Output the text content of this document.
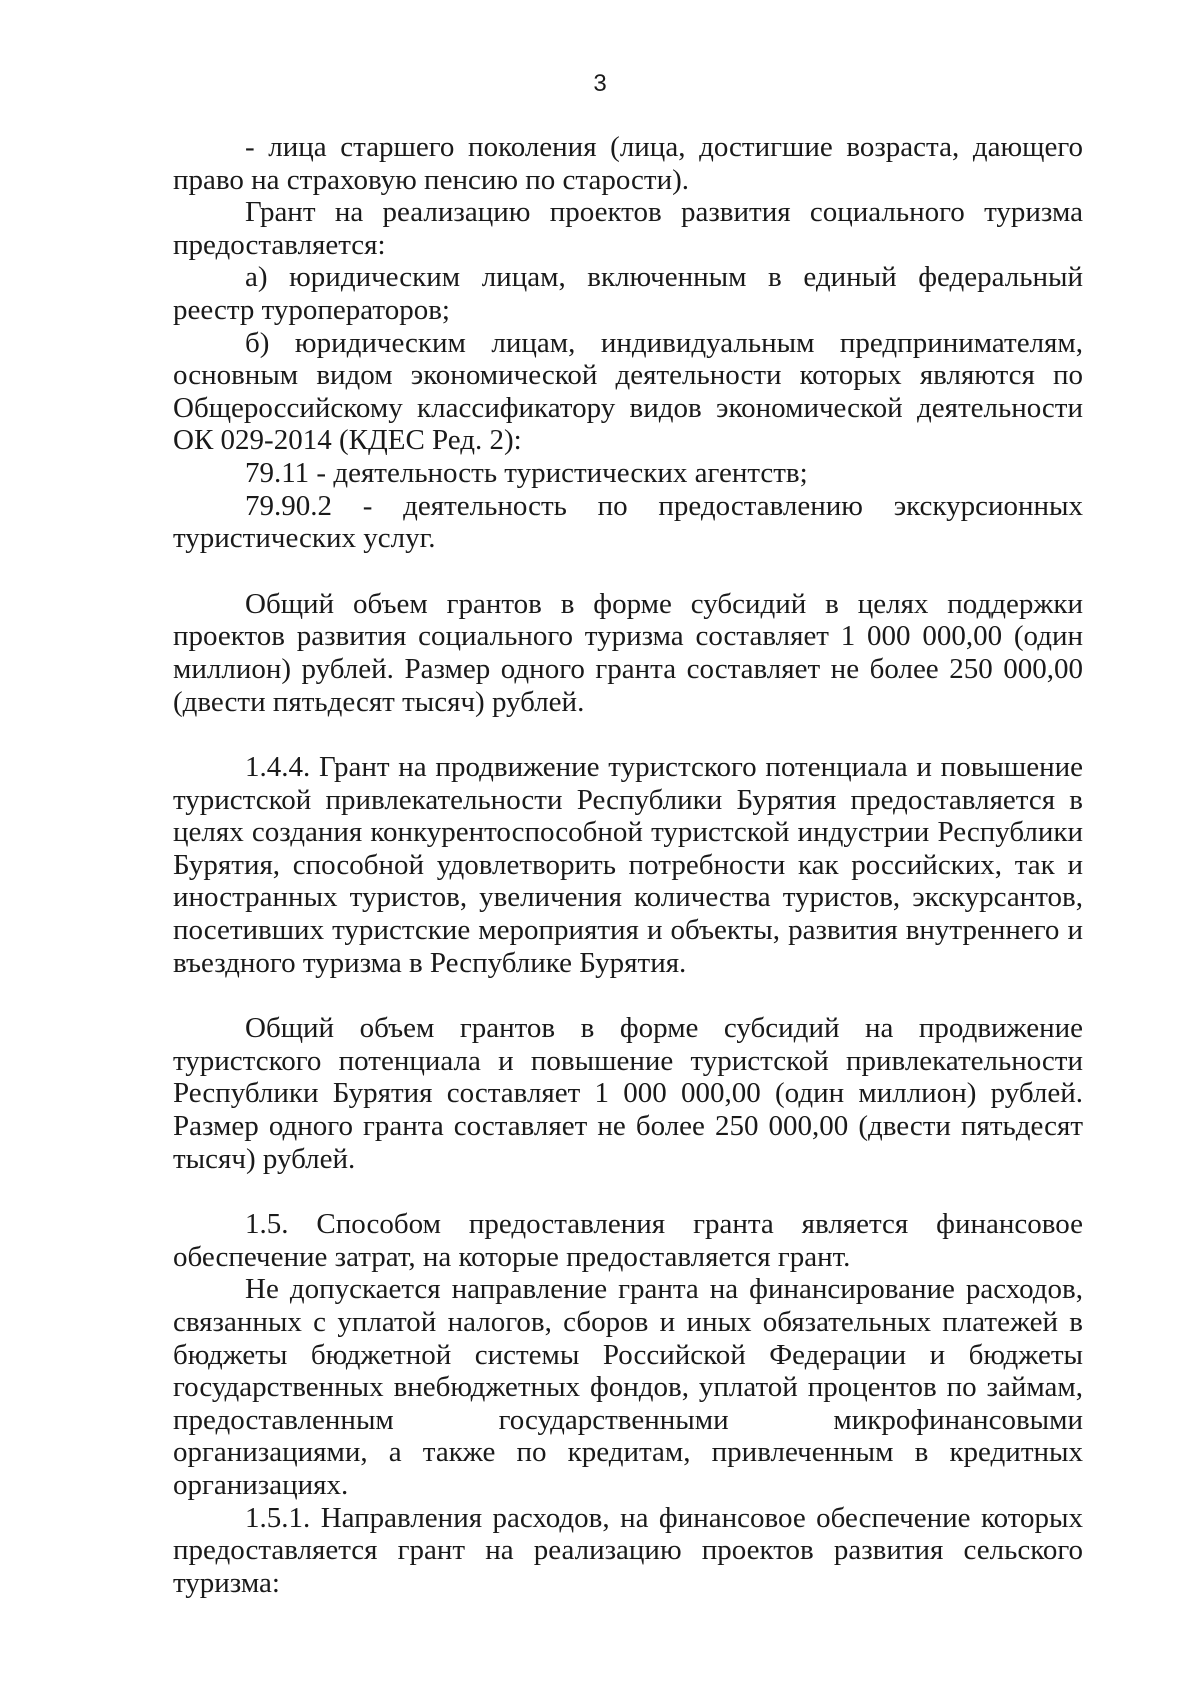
3

- лица старшего поколения (лица, достигшие возраста, дающего право на страховую пенсию по старости).

Грант на реализацию проектов развития социального туризма предоставляется:

а) юридическим лицам, включенным в единый федеральный реестр туроператоров;

б) юридическим лицам, индивидуальным предпринимателям, основным видом экономической деятельности которых являются по Общероссийскому классификатору видов экономической деятельности ОК 029-2014 (КДЕС Ред. 2):

79.11 - деятельность туристических агентств;

79.90.2 - деятельность по предоставлению экскурсионных туристических услуг.

Общий объем грантов в форме субсидий в целях поддержки проектов развития социального туризма составляет 1 000 000,00 (один миллион) рублей. Размер одного гранта составляет не более 250 000,00 (двести пятьдесят тысяч) рублей.

1.4.4. Грант на продвижение туристского потенциала и повышение туристской привлекательности Республики Бурятия предоставляется в целях создания конкурентоспособной туристской индустрии Республики Бурятия, способной удовлетворить потребности как российских, так и иностранных туристов, увеличения количества туристов, экскурсантов, посетивших туристские мероприятия и объекты, развития внутреннего и въездного туризма в Республике Бурятия.

Общий объем грантов в форме субсидий на продвижение туристского потенциала и повышение туристской привлекательности Республики Бурятия составляет 1 000 000,00 (один миллион) рублей. Размер одного гранта составляет не более 250 000,00 (двести пятьдесят тысяч) рублей.

1.5. Способом предоставления гранта является финансовое обеспечение затрат, на которые предоставляется грант.

Не допускается направление гранта на финансирование расходов, связанных с уплатой налогов, сборов и иных обязательных платежей в бюджеты бюджетной системы Российской Федерации и бюджеты государственных внебюджетных фондов, уплатой процентов по займам, предоставленным государственными микрофинансовыми организациями, а также по кредитам, привлеченным в кредитных организациях.

1.5.1. Направления расходов, на финансовое обеспечение которых предоставляется грант на реализацию проектов развития сельского туризма:
